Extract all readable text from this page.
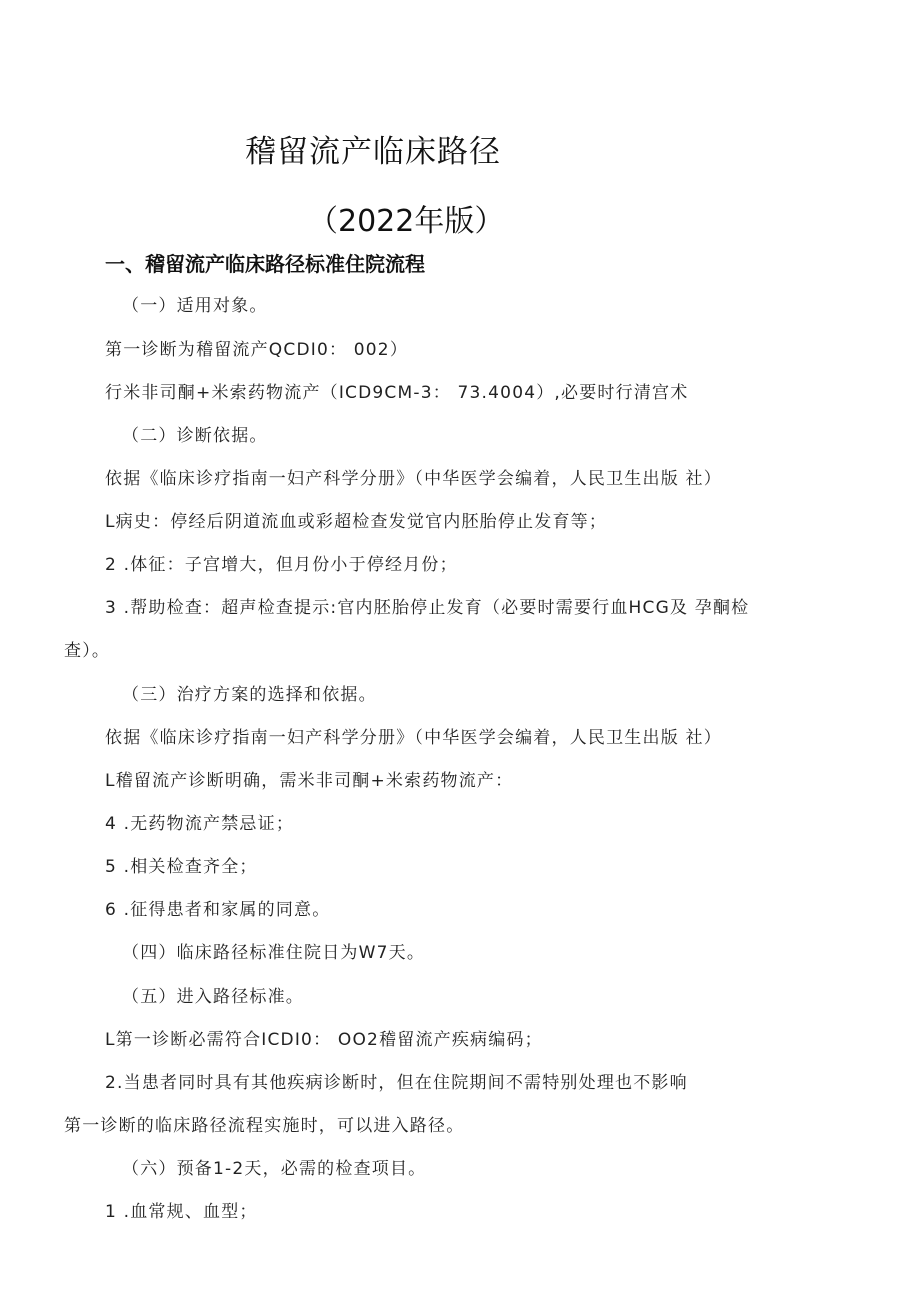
稽留流产临床路径
（2022年版）
一、稽留流产临床路径标准住院流程
（一）适用对象。
第一诊断为稽留流产QCDI0： 002）
行米非司酮+米索药物流产（ICD9CM-3： 73.4004）,必要时行清宫术
（二）诊断依据。
依据《临床诊疗指南一妇产科学分册》（中华医学会编着，人民卫生出版 社）
L病史：停经后阴道流血或彩超检查发觉官内胚胎停止发育等；
2 .体征：子宫增大，但月份小于停经月份；
3 .帮助检查：超声检查提示:官内胚胎停止发育（必要时需要行血HCG及 孕酮检
查）。
（三）治疗方案的选择和依据。
依据《临床诊疗指南一妇产科学分册》（中华医学会编着，人民卫生出版 社）
L稽留流产诊断明确，需米非司酮+米索药物流产：
4 .无药物流产禁忌证；
5 .相关检查齐全；
6 .征得患者和家属的同意。
（四）临床路径标准住院日为W7天。
（五）进入路径标准。
L第一诊断必需符合ICDI0： OO2稽留流产疾病编码；
2.当患者同时具有其他疾病诊断时，但在住院期间不需特别处理也不影响
第一诊断的临床路径流程实施时，可以进入路径。
（六）预备1-2天，必需的检查项目。
1 .血常规、血型；
